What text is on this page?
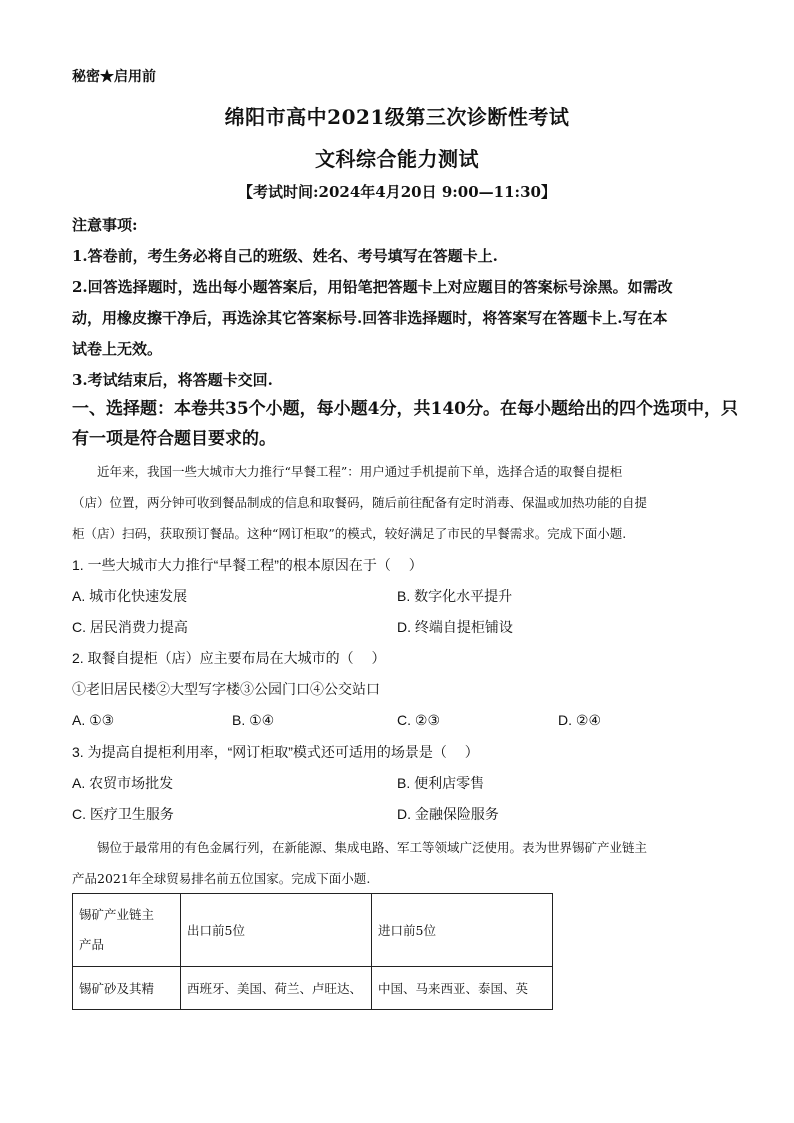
秘密★启用前
绵阳市高中2021级第三次诊断性考试
文科综合能力测试
【考试时间:2024年4月20日 9:00—11:30】
注意事项:
1.答卷前，考生务必将自己的班级、姓名、考号填写在答题卡上.
2.回答选择题时，选出每小题答案后，用铅笔把答题卡上对应题目的答案标号涂黑。如需改
动，用橡皮擦干净后，再选涂其它答案标号.回答非选择题时，将答案写在答题卡上.写在本
试卷上无效。
3.考试结束后，将答题卡交回.
一、选择题：本卷共35个小题，每小题4分，共140分。在每小题给出的四个选项中，只
有一项是符合题目要求的。
　　近年来，我国一些大城市大力推行“早餐工程”：用户通过手机提前下单，选择合适的取餐自提柜
（店）位置，两分钟可收到餐品制成的信息和取餐码，随后前往配备有定时消毒、保温或加热功能的自提
柜（店）扫码，获取预订餐品。这种“网订柜取”的模式，较好满足了市民的早餐需求。完成下面小题.
1. 一些大城市大力推行“早餐工程”的根本原因在于（　 ）
A. 城市化快速发展	B. 数字化水平提升
C. 居民消费力提高	D. 终端自提柜铺设
2. 取餐自提柜（店）应主要布局在大城市的（　 ）
①老旧居民楼②大型写字楼③公园门口④公交站口
A. ①③	B. ①④	C. ②③	D. ②④
3. 为提高自提柜利用率，“网订柜取”模式还可适用的场景是（　 ）
A. 农贸市场批发	B. 便利店零售
C. 医疗卫生服务	D. 金融保险服务
　　锡位于最常用的有色金属行列，在新能源、集成电路、军工等领域广泛使用。表为世界锡矿产业链主
产品2021年全球贸易排名前五位国家。完成下面小题.
锡矿产业链主
产品	出口前5位	进口前5位
锡矿砂及其精	西班牙、美国、荷兰、卢旺达、	中国、马来西亚、泰国、英
